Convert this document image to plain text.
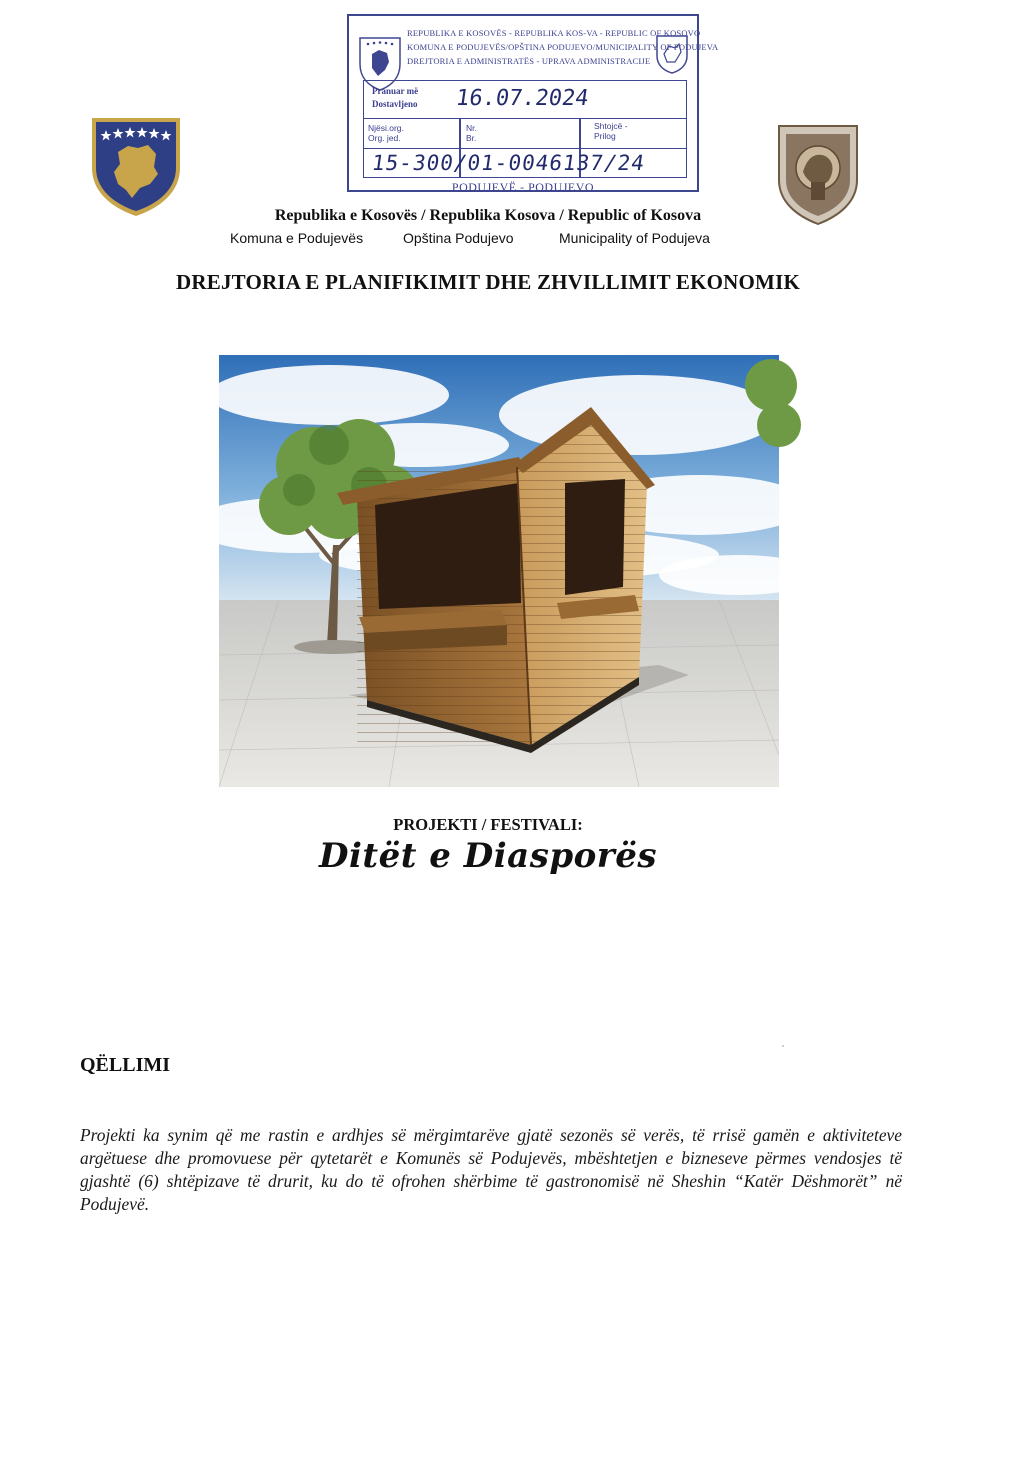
REPUBLIKA E KOSOVËS - REPUBLIKA KOS-VA - REPUBLIC OF KOSOVO
KOMUNA E PODUJEVËS/OPŠTINA PODUJEVO/MUNICIPALITY OF PODUJEVA
DREJTORIA E ADMINISTRATËS - UPRAVA ADMINISTRACIJE
Pranuar më
Dostavljeno 16.07.2024
Njësi.org.
Org. jed.
Nr.
Br.
Shtojcë -
Prilog
15-300/01-0046137/24
PODUJEVË - PODUJEVO
Republika e Kosovës / Republika Kosova / Republic of Kosova
Komuna e Podujevës	Opština Podujevo	Municipality of Podujeva
DREJTORIA E PLANIFIKIMIT DHE ZHVILLIMIT EKONOMIK
PROJEKTI / FESTIVALI:
Ditët e Diasporës
QËLLIMI
Projekti ka synim që me rastin e ardhjes së mërgimtarëve gjatë sezonës së verës, të rrisë gamën e aktiviteteve argëtuese dhe promovuese për qytetarët e Komunës së Podujevës, mbështetjen e bizneseve përmes vendosjes të gjashtë (6) shtëpizave të drurit, ku do të ofrohen shërbime të gastronomisë në Sheshin “Katër Dëshmorët” në Podujevë.
